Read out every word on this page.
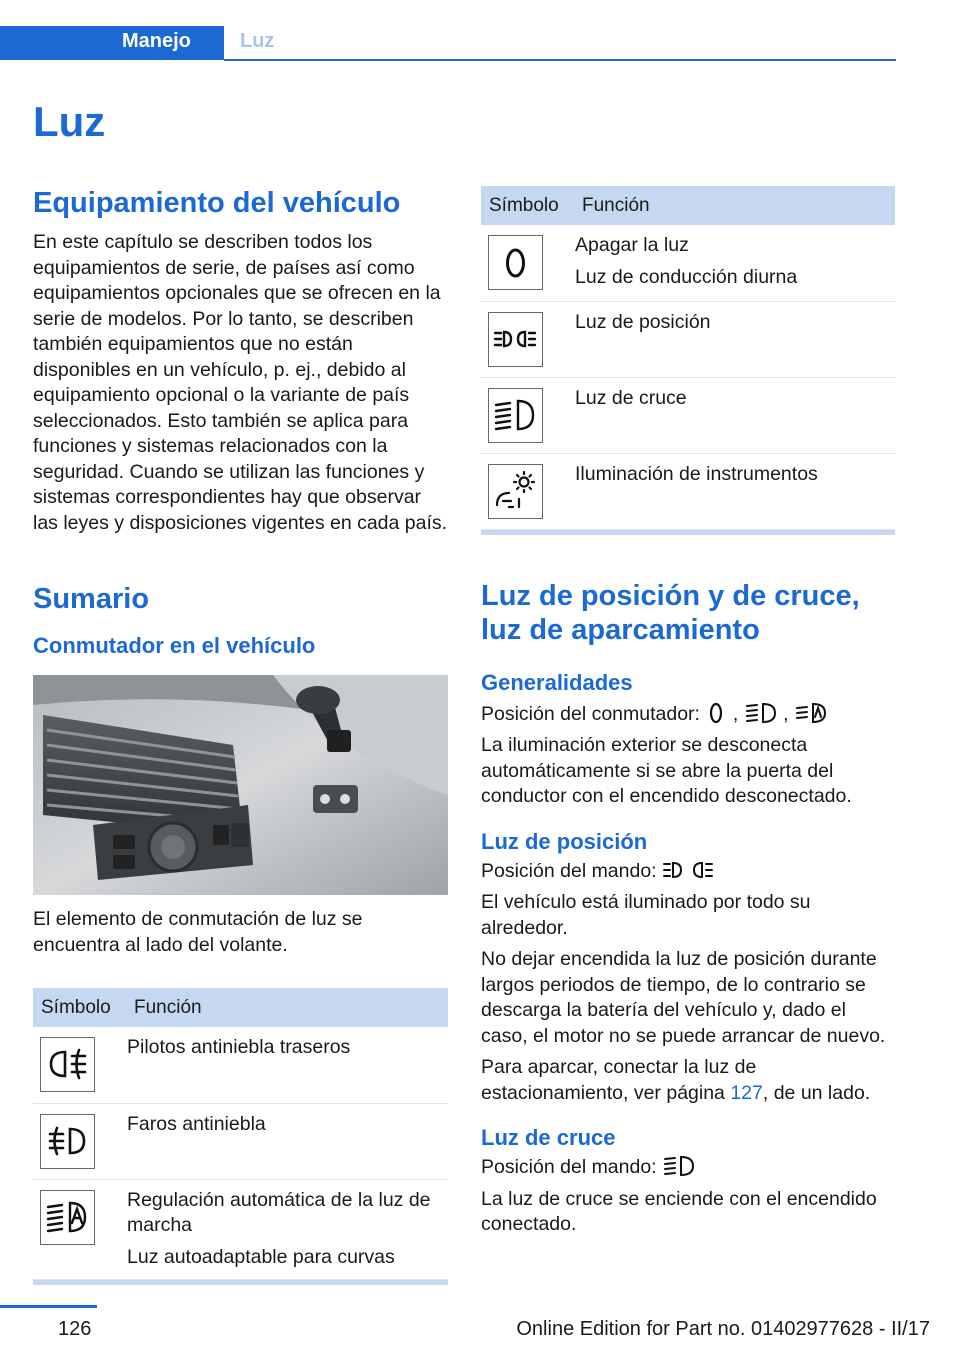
Manejo Luz
Luz
Equipamiento del vehículo

En este capítulo se describen todos los equipamientos de serie, de países así como equipamientos opcionales que se ofrecen en la serie de modelos. Por lo tanto, se describen también equipamientos que no están disponibles en un vehículo, p. ej., debido al equipamiento opcional o la variante de país seleccionados. Esto también se aplica para funciones y sistemas relacionados con la seguridad. Cuando se utilizan las funciones y sistemas correspondientes hay que observar las leyes y disposiciones vigentes en cada país.

Sumario
Conmutador en el vehículo

El elemento de conmutación de luz se encuentra al lado del volante.

Símbolo	Función

Pilotos antiniebla traseros

Faros antiniebla

Regulación automática de la luz de marcha
Luz autoadaptable para curvas
Símbolo	Función

Apagar la luz
Luz de conducción diurna

Luz de posición

Luz de cruce

Iluminación de instrumentos
Luz de posición y de cruce, luz de aparcamiento
Generalidades

Posición del conmutador: , ,

La iluminación exterior se desconecta automáticamente si se abre la puerta del conductor con el encendido desconectado.

Luz de posición

Posición del mando:

El vehículo está iluminado por todo su alrededor.

No dejar encendida la luz de posición durante largos periodos de tiempo, de lo contrario se descarga la batería del vehículo y, dado el caso, el motor no se puede arrancar de nuevo.

Para aparcar, conectar la luz de estacionamiento, ver página 127, de un lado.

Luz de cruce

Posición del mando:

La luz de cruce se enciende con el encendido conectado.

126	Online Edition for Part no. 01402977628 - II/17
